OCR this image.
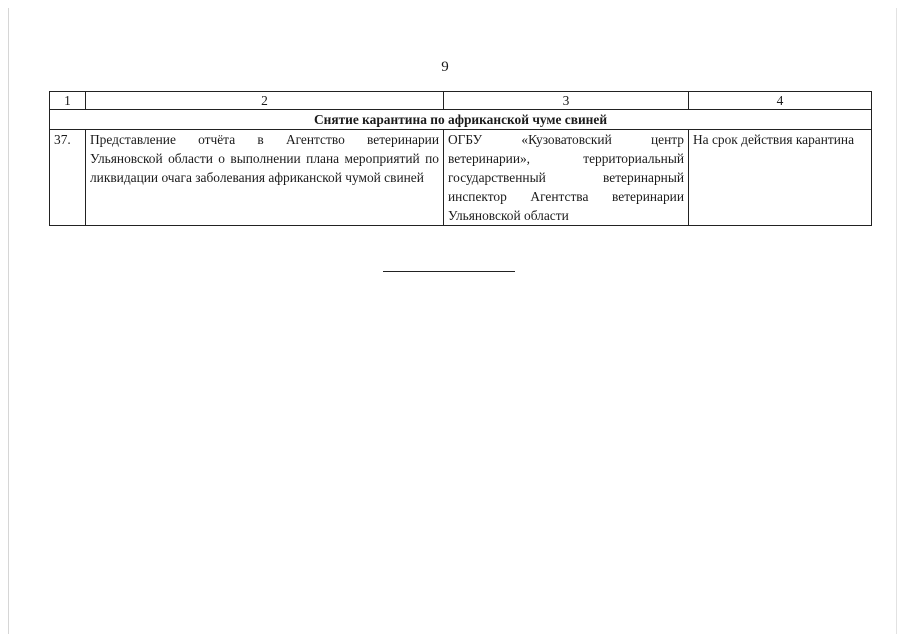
9
1	2	3	4
Снятие карантина по африканской чуме свиней			
37.	Представление отчёта в Агентство ветеринарии Ульяновской области о выполнении плана мероприятий по ликвидации очага заболевания африканской чумой свиней	ОГБУ «Кузоватовский центр ветеринарии», территориальный государственный ветеринарный инспектор Агентства ветеринарии Ульяновской области	На срок действия карантина
